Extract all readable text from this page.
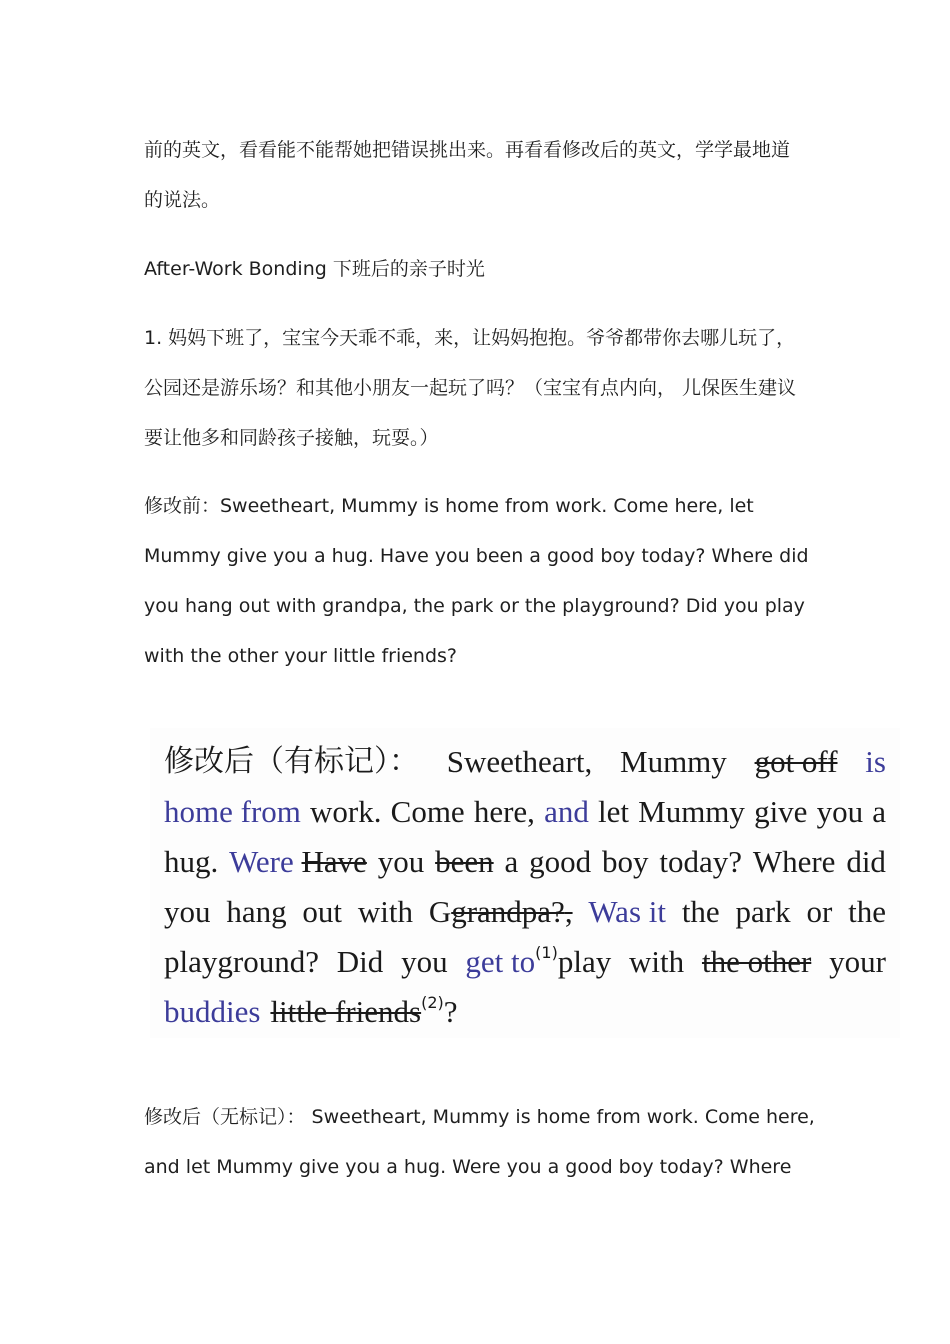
前的英文，看看能不能帮她把错误挑出来。再看看修改后的英文，学学最地道
的说法。
After-Work Bonding 下班后的亲子时光
1. 妈妈下班了，宝宝今天乖不乖，来，让妈妈抱抱。爷爷都带你去哪儿玩了，
公园还是游乐场？和其他小朋友一起玩了吗？（宝宝有点内向， 儿保医生建议
要让他多和同龄孩子接触，玩耍。）
修改前：Sweetheart, Mummy is home from work. Come here, let
Mummy give you a hug. Have you been a good boy today? Where did
you hang out with grandpa, the park or the playground? Did you play
with the other your little friends?
修改后（有标记）： Sweetheart, Mummy got off is
home from work. Come here, and let Mummy give you a
hug. Were Have you been a good boy today? Where did
you hang out with Ggrandpa?, Was it the park or the
playground? Did you get $to^{(1)}play$ with the other your
buddies little friends$^{(2)}$?
修改后（无标记）： Sweetheart, Mummy is home from work. Come here,
and let Mummy give you a hug. Were you a good boy today? Where
